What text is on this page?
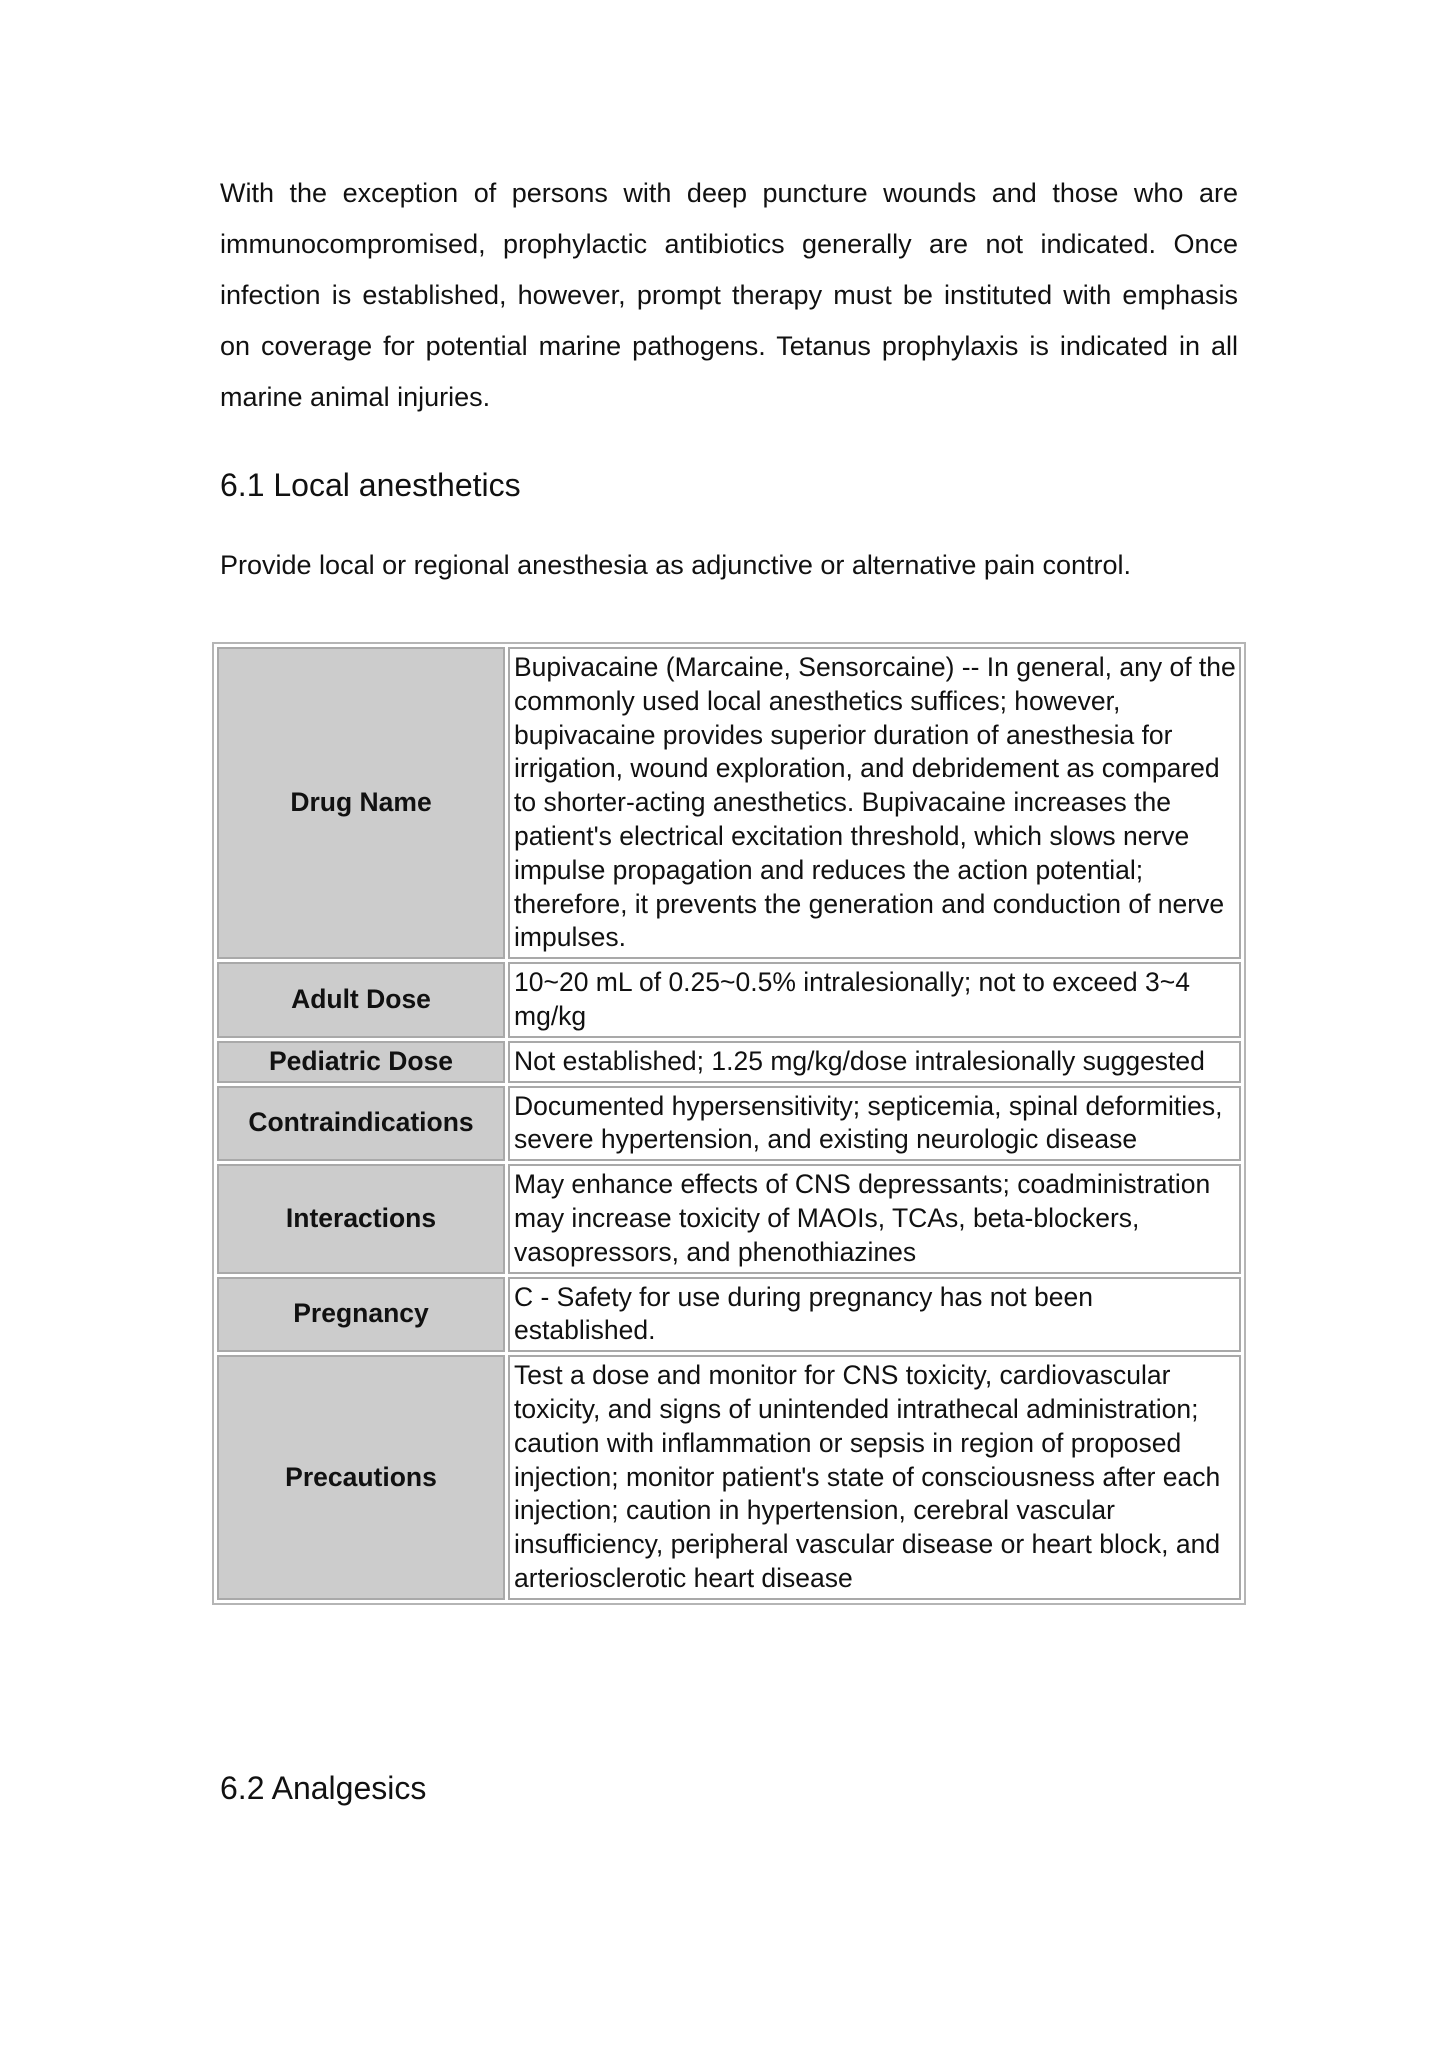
With the exception of persons with deep puncture wounds and those who are immunocompromised, prophylactic antibiotics generally are not indicated. Once infection is established, however, prompt therapy must be instituted with emphasis on coverage for potential marine pathogens. Tetanus prophylaxis is indicated in all marine animal injuries.

6.1 Local anesthetics

Provide local or regional anesthesia as adjunctive or alternative pain control.

Drug Name	Bupivacaine (Marcaine, Sensorcaine) -- In general, any of the commonly used local anesthetics suffices; however, bupivacaine provides superior duration of anesthesia for irrigation, wound exploration, and debridement as compared to shorter-acting anesthetics. Bupivacaine increases the patient's electrical excitation threshold, which slows nerve impulse propagation and reduces the action potential; therefore, it prevents the generation and conduction of nerve impulses.
Adult Dose	10~20 mL of 0.25~0.5% intralesionally; not to exceed 3~4 mg/kg
Pediatric Dose	Not established; 1.25 mg/kg/dose intralesionally suggested
Contraindications	Documented hypersensitivity; septicemia, spinal deformities, severe hypertension, and existing neurologic disease
Interactions	May enhance effects of CNS depressants; coadministration may increase toxicity of MAOIs, TCAs, beta-blockers, vasopressors, and phenothiazines
Pregnancy	C - Safety for use during pregnancy has not been established.
Precautions	Test a dose and monitor for CNS toxicity, cardiovascular toxicity, and signs of unintended intrathecal administration; caution with inflammation or sepsis in region of proposed injection; monitor patient's state of consciousness after each injection; caution in hypertension, cerebral vascular insufficiency, peripheral vascular disease or heart block, and arteriosclerotic heart disease
6.2 Analgesics
